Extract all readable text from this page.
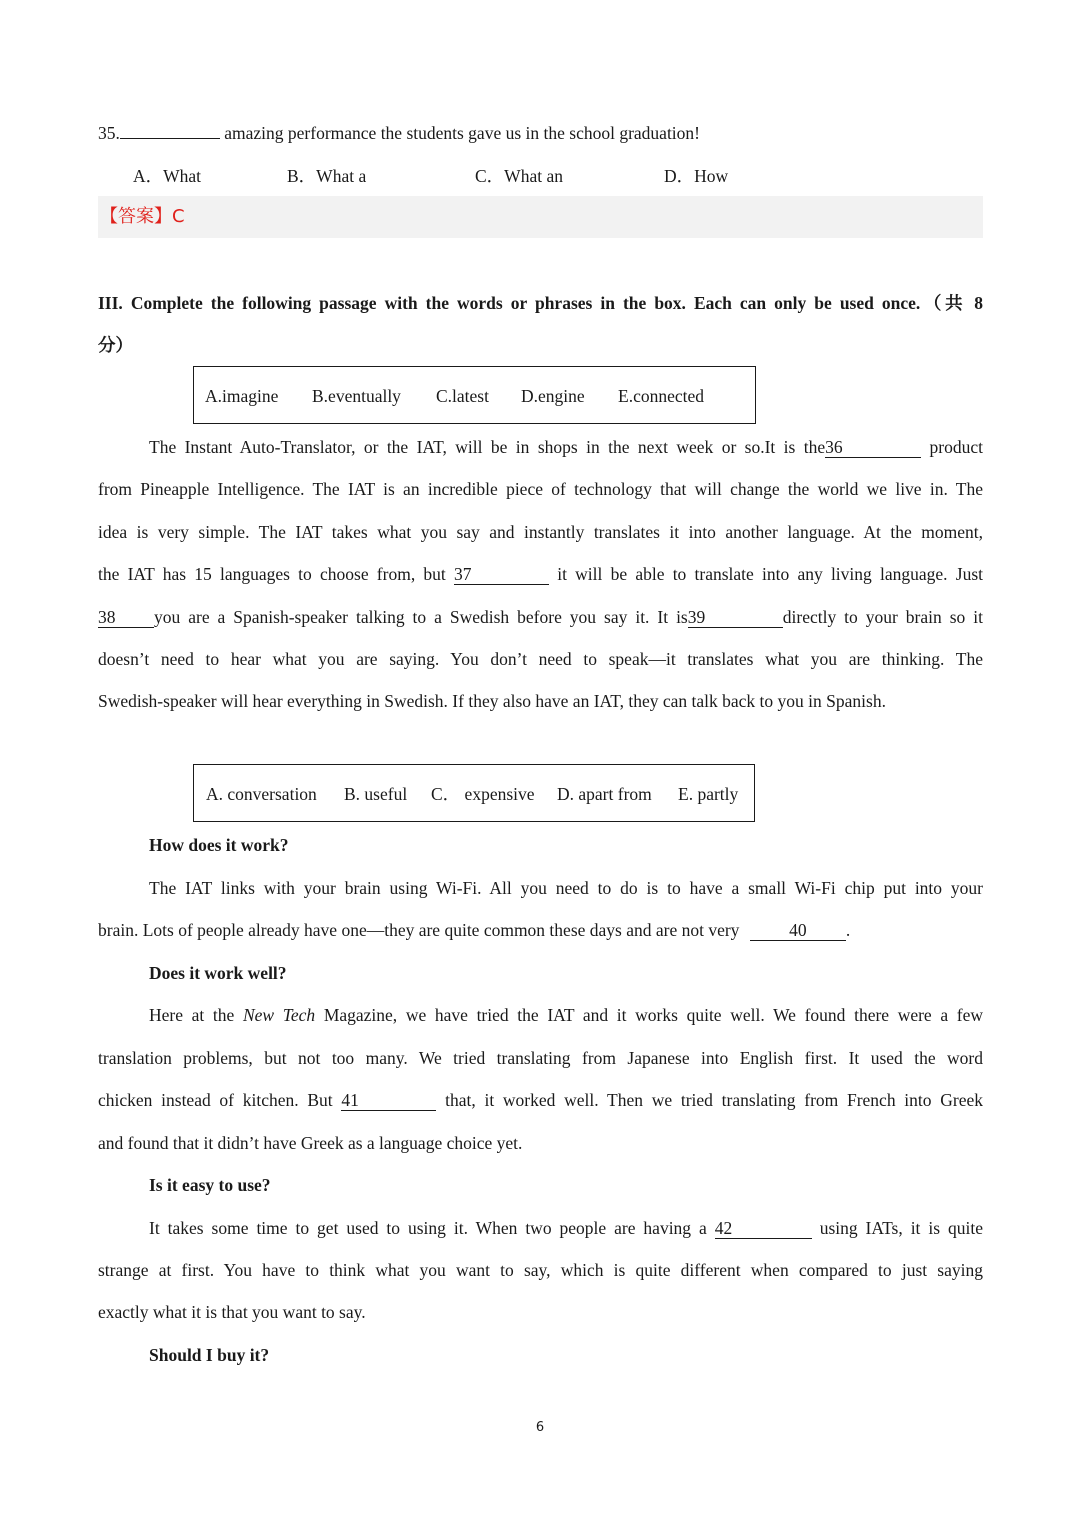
35.	amazing performance the students gave us in the school graduation!
A．What	B．What a	C．What an	D．How
【答案】C
III. Complete the following passage with the words or phrases in the box. Each can only be used once.（共 8
分）
A.imagine B.eventually C.latest D.engine E.connected
The Instant Auto-Translator, or the IAT, will be in shops in the next week or so.It is the36	product
from Pineapple Intelligence. The IAT is an incredible piece of technology that will change the world we live in. The
idea is very simple. The IAT takes what you say and instantly translates it into another language. At the moment,
the IAT has 15 languages to choose from, but 37	it will be able to translate into any living language. Just
38 you are a Spanish-speaker talking to a Swedish before you say it. It is39	directly to your brain so it
doesn’t need to hear what you are saying. You don’t need to speak—it translates what you are thinking. The
Swedish-speaker will hear everything in Swedish. If they also have an IAT, they can talk back to you in Spanish.
A. conversation B. useful C． expensive D. apart from E. partly
How does it work?
The IAT links with your brain using Wi-Fi. All you need to do is to have a small Wi-Fi chip put into your
brain. Lots of people already have one—they are quite common these days and are not very	40 .
Does it work well?
Here at the New Tech Magazine, we have tried the IAT and it works quite well. We found there were a few
translation problems, but not too many. We tried translating from Japanese into English first. It used the word
chicken instead of kitchen. But 41	that, it worked well. Then we tried translating from French into Greek
and found that it didn’t have Greek as a language choice yet.
Is it easy to use?
It takes some time to get used to using it. When two people are having a 42	using IATs, it is quite
strange at first. You have to think what you want to say, which is quite different when compared to just saying
exactly what it is that you want to say.
Should I buy it?
6
